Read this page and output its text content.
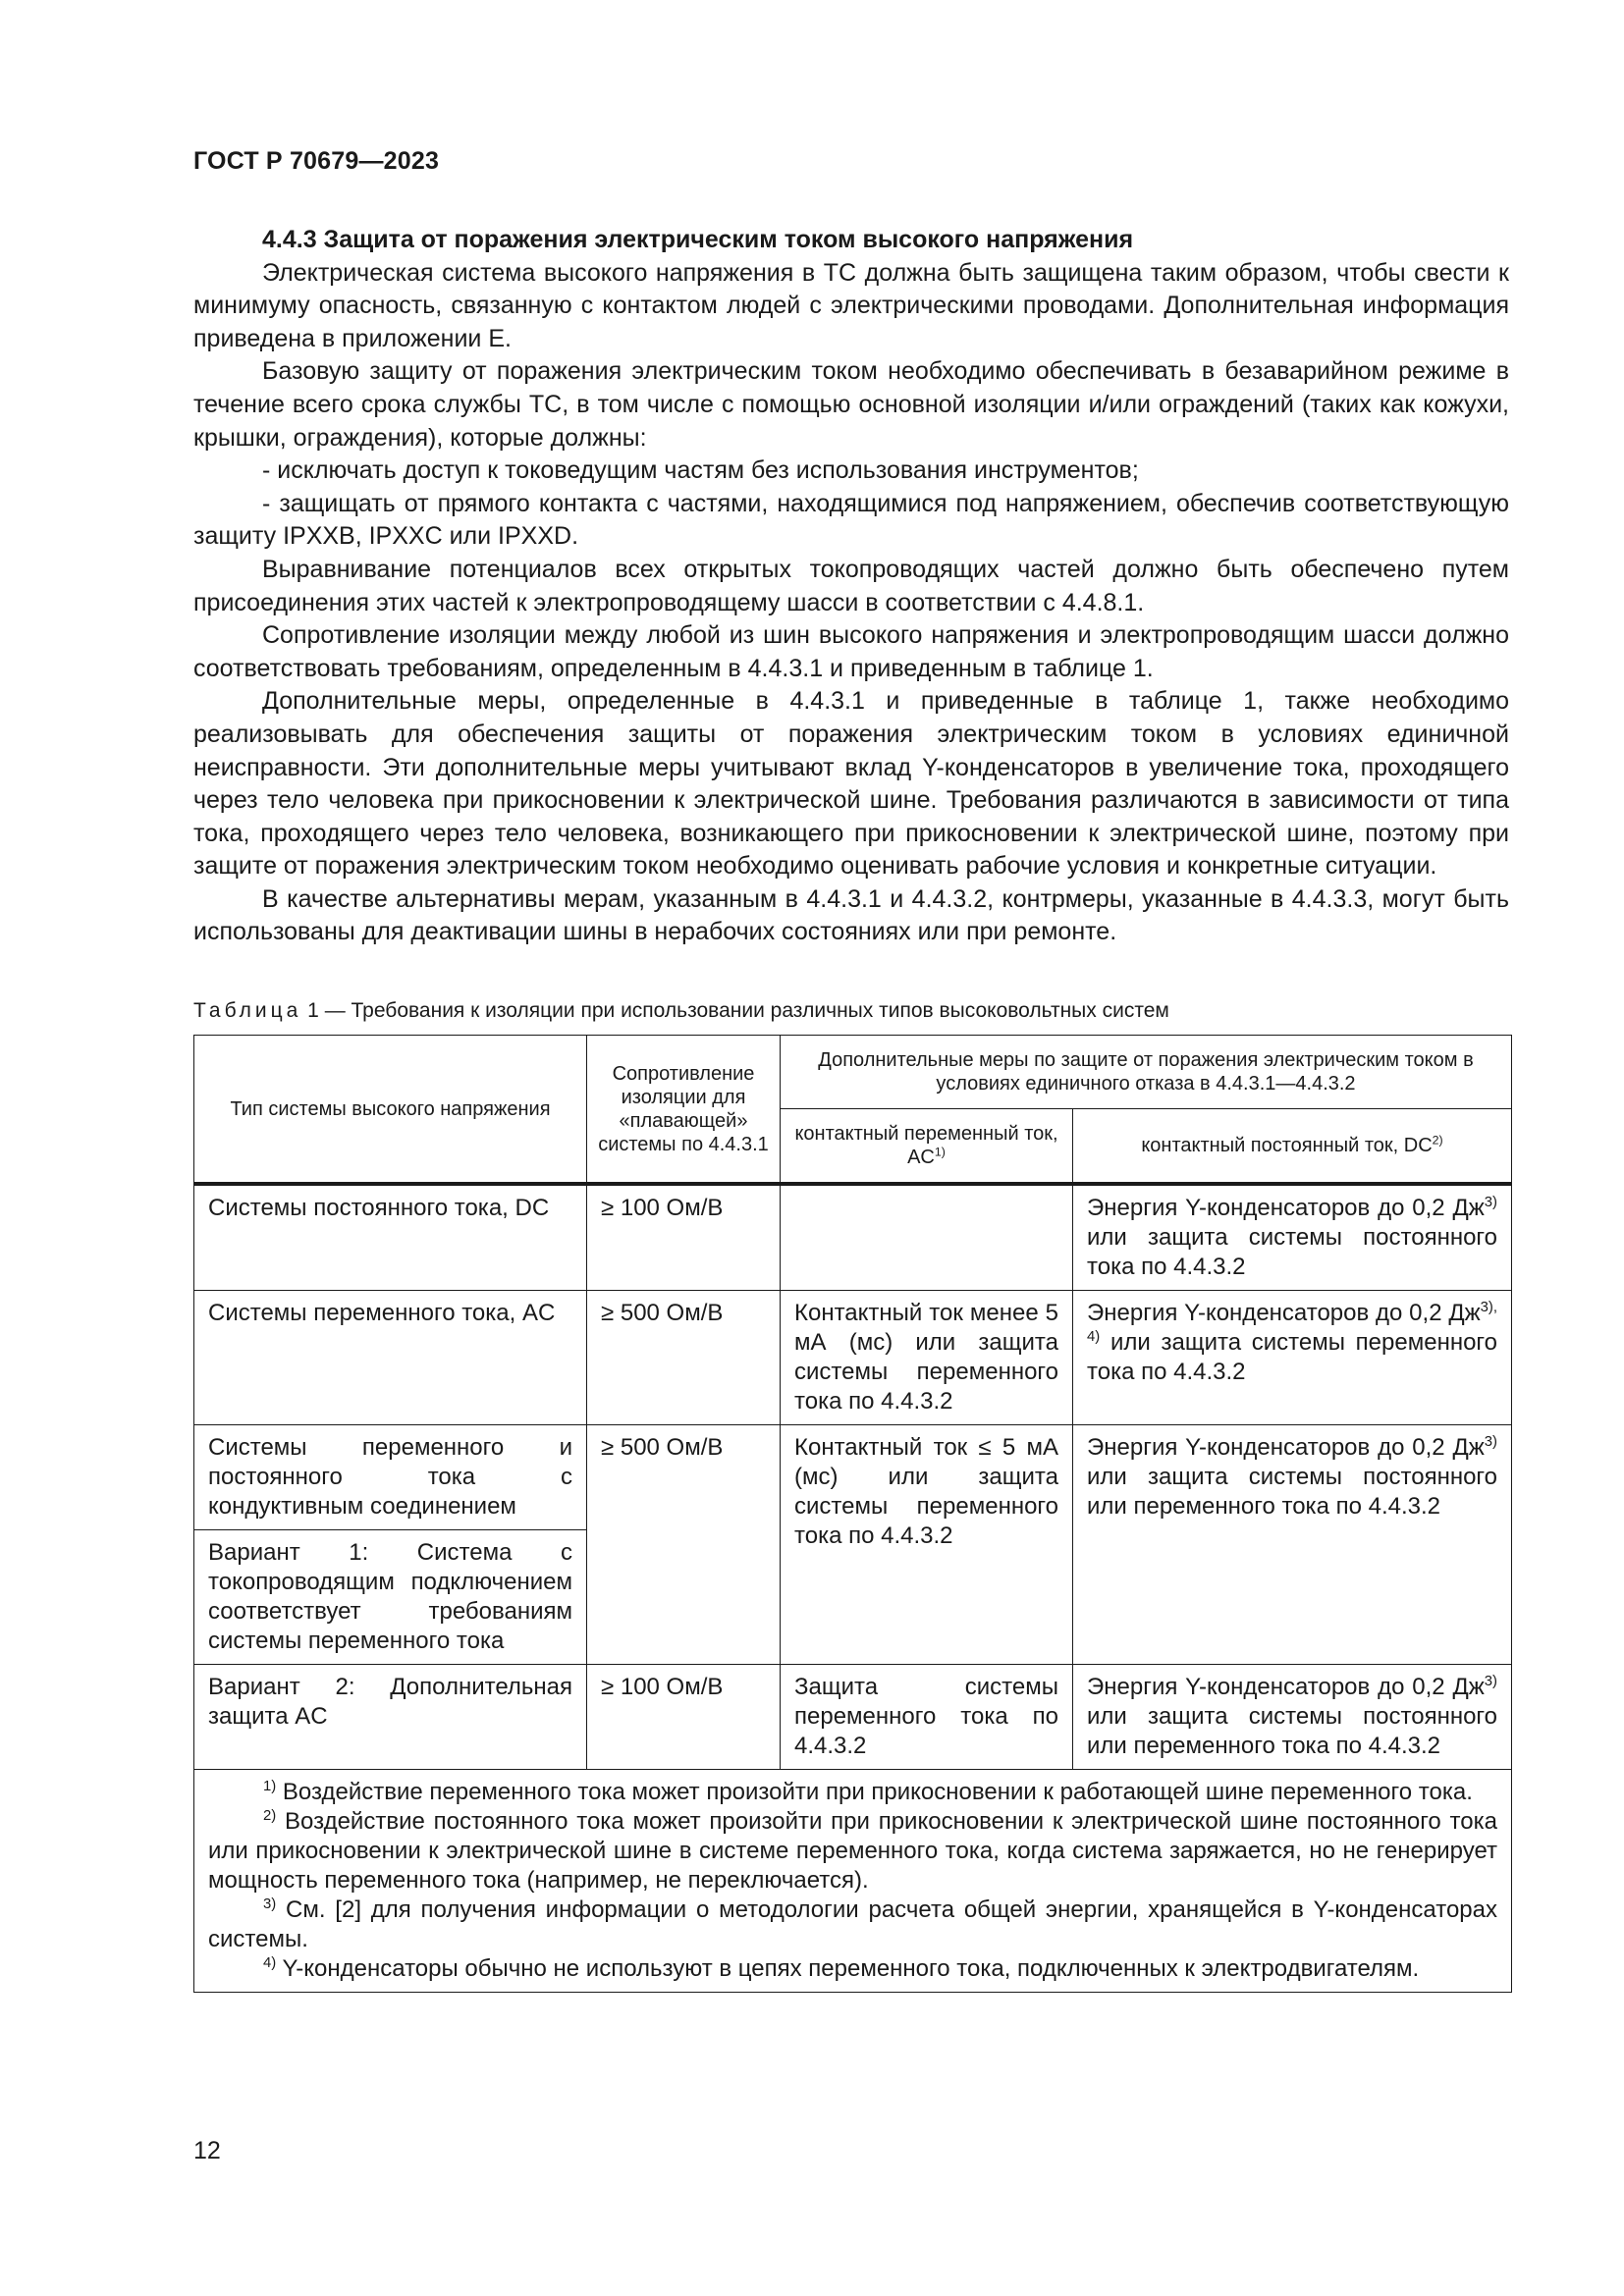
ГОСТ Р 70679—2023

4.4.3 Защита от поражения электрическим током высокого напряжения

Электрическая система высокого напряжения в ТС должна быть защищена таким образом, чтобы свести к минимуму опасность, связанную с контактом людей с электрическими проводами. Дополнительная информация приведена в приложении Е.

Базовую защиту от поражения электрическим током необходимо обеспечивать в безаварийном режиме в течение всего срока службы ТС, в том числе с помощью основной изоляции и/или ограждений (таких как кожухи, крышки, ограждения), которые должны:

- исключать доступ к токоведущим частям без использования инструментов;

- защищать от прямого контакта с частями, находящимися под напряжением, обеспечив соответствующую защиту IPXXB, IPXXC или IPXXD.

Выравнивание потенциалов всех открытых токопроводящих частей должно быть обеспечено путем присоединения этих частей к электропроводящему шасси в соответствии с 4.4.8.1.

Сопротивление изоляции между любой из шин высокого напряжения и электропроводящим шасси должно соответствовать требованиям, определенным в 4.4.3.1 и приведенным в таблице 1.

Дополнительные меры, определенные в 4.4.3.1 и приведенные в таблице 1, также необходимо реализовывать для обеспечения защиты от поражения электрическим током в условиях единичной неисправности. Эти дополнительные меры учитывают вклад Y-конденсаторов в увеличение тока, проходящего через тело человека при прикосновении к электрической шине. Требования различаются в зависимости от типа тока, проходящего через тело человека, возникающего при прикосновении к электрической шине, поэтому при защите от поражения электрическим током необходимо оценивать рабочие условия и конкретные ситуации.

В качестве альтернативы мерам, указанным в 4.4.3.1 и 4.4.3.2, контрмеры, указанные в 4.4.3.3, могут быть использованы для деактивации шины в нерабочих состояниях или при ремонте.

Таблица 1 — Требования к изоляции при использовании различных типов высоковольтных систем
Тип системы высокого напряжения	Сопротивление изоляции для «плавающей» системы по 4.4.3.1	Дополнительные меры по защите от поражения электрическим током в условиях единичного отказа в 4.4.3.1—4.4.3.2	
		контактный переменный ток, AC$^{1)}$	контактный постоянный ток, DC$^{2)}$
Системы постоянного тока, DC	≥ 100 Ом/В		Энергия Y-конденсаторов до 0,2 $Дж^{3)}$ или защита системы постоянного тока по 4.4.3.2
Системы переменного тока, AC	≥ 500 Ом/В	Контактный ток менее 5 мА (мс) или защита системы переменного тока по 4.4.3.2	Энергия Y-конденсаторов до 0,2 $Дж^{3), 4)}$ или защита системы переменного тока по 4.4.3.2
Системы переменного и постоянного тока с кондуктивным соединением	≥ 500 Ом/В	Контактный ток ≤ 5 мА (мс) или защита системы переменного тока по 4.4.3.2	Энергия Y-конденсаторов до 0,2 $Дж^{3)}$ или защита системы постоянного или переменного тока по 4.4.3.2
Вариант 1: Система с токопроводящим подключением соответствует требованиям системы переменного тока			
Вариант 2: Дополнительная защита AC	≥ 100 Ом/В	Защита системы переменного тока по 4.4.3.2	Энергия Y-конденсаторов до 0,2 $Дж^{3)}$ или защита системы постоянного или переменного тока по 4.4.3.2

$^{1)}$ Воздействие переменного тока может произойти при прикосновении к работающей шине переменного тока.

$^{2)}$ Воздействие постоянного тока может произойти при прикосновении к электрической шине постоянного тока или прикосновении к электрической шине в системе переменного тока, когда система заряжается, но не генерирует мощность переменного тока (например, не переключается).

$^{3)}$ См. [2] для получения информации о методологии расчета общей энергии, хранящейся в Y-конденсаторах системы.

$^{4)}$ Y-конденсаторы обычно не используют в цепях переменного тока, подключенных к электродвигателям.			

12
